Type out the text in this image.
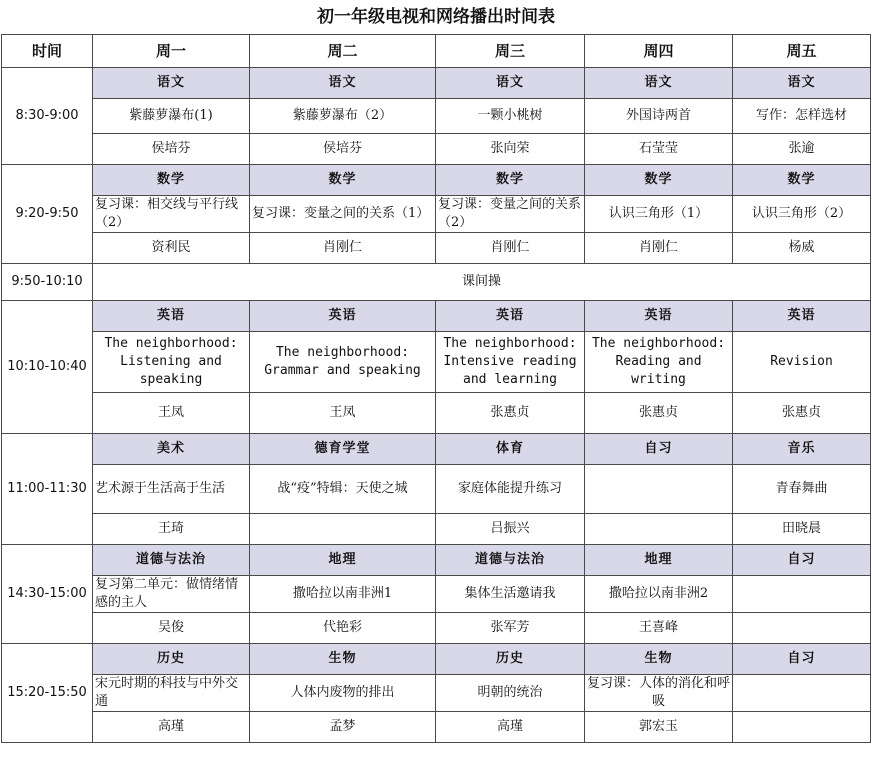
初一年级电视和网络播出时间表
时间	周一	周二	周三	周四	周五
8:30-9:00	语文	语文	语文	语文	语文
	紫藤萝瀑布(1)	紫藤萝瀑布（2）	一颗小桃树	外国诗两首	写作：怎样选材
	侯培芬	侯培芬	张向荣	石莹莹	张逾
9:20-9:50	数学	数学	数学	数学	数学
	复习课：相交线与平行线（2）	复习课：变量之间的关系（1）	复习课：变量之间的关系（2）	认识三角形（1）	认识三角形（2）
	资利民	肖刚仁	肖刚仁	肖刚仁	杨威
9:50-10:10	课间操				
10:10-10:40	英语	英语	英语	英语	英语
	The neighborhood: Listening and speaking	The neighborhood: Grammar and speaking	The neighborhood: Intensive reading and learning	The neighborhood: Reading and writing	Revision
	王凤	王凤	张惠贞	张惠贞	张惠贞
11:00-11:30	美术	德育学堂	体育	自习	音乐
	艺术源于生活高于生活	战“疫”特辑：天使之城	家庭体能提升练习		青春舞曲
	王琦		吕振兴		田晓晨
14:30-15:00	道德与法治	地理	道德与法治	地理	自习
	复习第二单元：做情绪情感的主人	撒哈拉以南非洲1	集体生活邀请我	撒哈拉以南非洲2	
	吴俊	代艳彩	张军芳	王喜峰	
15:20-15:50	历史	生物	历史	生物	自习
	宋元时期的科技与中外交通	人体内废物的排出	明朝的统治	复习课：人体的消化和呼吸	
	高瑾	孟梦	高瑾	郭宏玉	
